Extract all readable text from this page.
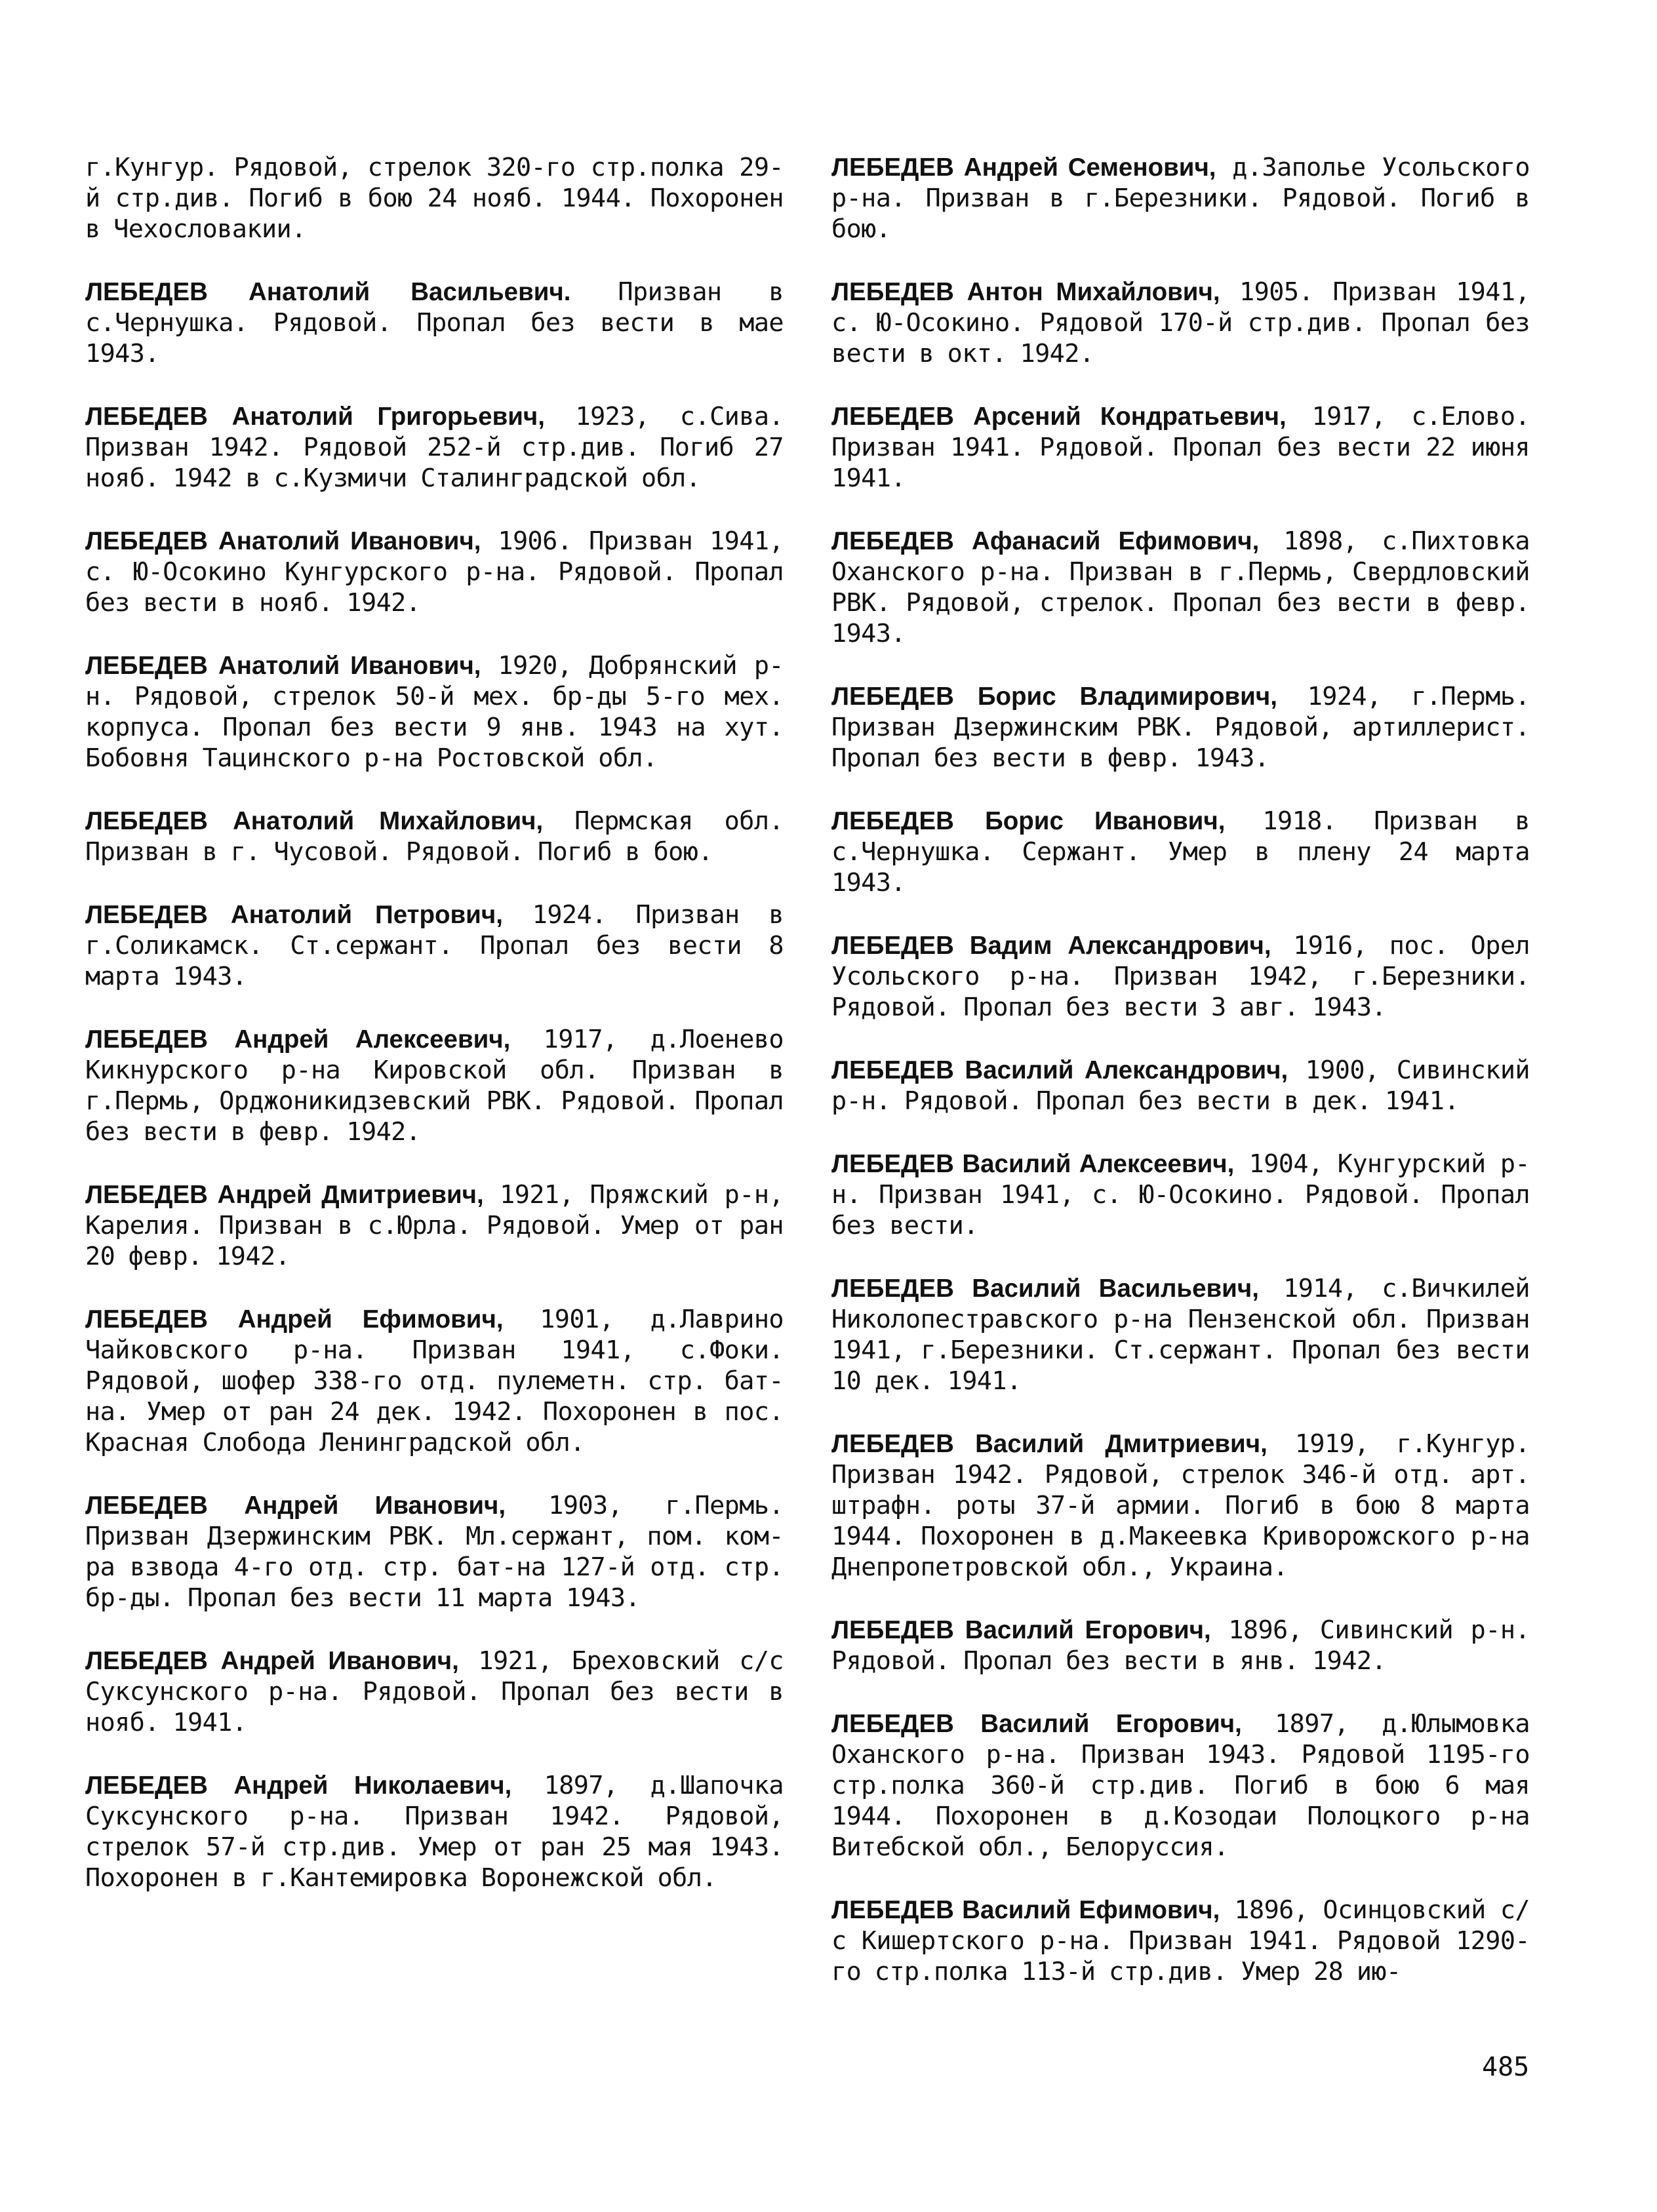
г.Кунгур. Рядовой, стрелок 320-го стр.полка 29-й стр.див. Погиб в бою 24 нояб. 1944. Похоронен в Чехословакии.

ЛЕБЕДЕВ Анатолий Васильевич. Призван в с.Чернушка. Рядовой. Пропал без вести в мае 1943.

ЛЕБЕДЕВ Анатолий Григорьевич, 1923, с.Сива. Призван 1942. Рядовой 252-й стр.див. Погиб 27 нояб. 1942 в с.Кузмичи Сталинградской обл.

ЛЕБЕДЕВ Анатолий Иванович, 1906. Призван 1941, с. Ю-Осокино Кунгурского р-на. Рядовой. Пропал без вести в нояб. 1942.

ЛЕБЕДЕВ Анатолий Иванович, 1920, Добрянский р-н. Рядовой, стрелок 50-й мех. бр-ды 5-го мех. корпуса. Пропал без вести 9 янв. 1943 на хут. Бобовня Тацинского р-на Ростовской обл.

ЛЕБЕДЕВ Анатолий Михайлович, Пермская обл. Призван в г. Чусовой. Рядовой. Погиб в бою.

ЛЕБЕДЕВ Анатолий Петрович, 1924. Призван в г.Соликамск. Ст.сержант. Пропал без вести 8 марта 1943.

ЛЕБЕДЕВ Андрей Алексеевич, 1917, д.Лоенево Кикнурского р-на Кировской обл. Призван в г.Пермь, Орджоникидзевский РВК. Рядовой. Пропал без вести в февр. 1942.

ЛЕБЕДЕВ Андрей Дмитриевич, 1921, Пряжский р-н, Карелия. Призван в с.Юрла. Рядовой. Умер от ран 20 февр. 1942.

ЛЕБЕДЕВ Андрей Ефимович, 1901, д.Лаврино Чайковского р-на. Призван 1941, с.Фоки. Рядовой, шофер 338-го отд. пулеметн. стр. бат-на. Умер от ран 24 дек. 1942. Похоронен в пос. Красная Слобода Ленинградской обл.

ЛЕБЕДЕВ Андрей Иванович, 1903, г.Пермь. Призван Дзержинским РВК. Мл.сержант, пом. ком-ра взвода 4-го отд. стр. бат-на 127-й отд. стр. бр-ды. Пропал без вести 11 марта 1943.

ЛЕБЕДЕВ Андрей Иванович, 1921, Бреховский с/с Суксунского р-на. Рядовой. Пропал без вести в нояб. 1941.

ЛЕБЕДЕВ Андрей Николаевич, 1897, д.Шапочка Суксунского р-на. Призван 1942. Рядовой, стрелок 57-й стр.див. Умер от ран 25 мая 1943. Похоронен в г.Кантемировка Воронежской обл.

ЛЕБЕДЕВ Андрей Семенович, д.Заполье Усольского р-на. Призван в г.Березники. Рядовой. Погиб в бою.

ЛЕБЕДЕВ Антон Михайлович, 1905. Призван 1941, с. Ю-Осокино. Рядовой 170-й стр.див. Пропал без вести в окт. 1942.

ЛЕБЕДЕВ Арсений Кондратьевич, 1917, с.Елово. Призван 1941. Рядовой. Пропал без вести 22 июня 1941.

ЛЕБЕДЕВ Афанасий Ефимович, 1898, с.Пихтовка Оханского р-на. Призван в г.Пермь, Свердловский РВК. Рядовой, стрелок. Пропал без вести в февр. 1943.

ЛЕБЕДЕВ Борис Владимирович, 1924, г.Пермь. Призван Дзержинским РВК. Рядовой, артиллерист. Пропал без вести в февр. 1943.

ЛЕБЕДЕВ Борис Иванович, 1918. Призван в с.Чернушка. Сержант. Умер в плену 24 марта 1943.

ЛЕБЕДЕВ Вадим Александрович, 1916, пос. Орел Усольского р-на. Призван 1942, г.Березники. Рядовой. Пропал без вести 3 авг. 1943.

ЛЕБЕДЕВ Василий Александрович, 1900, Сивинский р-н. Рядовой. Пропал без вести в дек. 1941.

ЛЕБЕДЕВ Василий Алексеевич, 1904, Кунгурский р-н. Призван 1941, с. Ю-Осокино. Рядовой. Пропал без вести.

ЛЕБЕДЕВ Василий Васильевич, 1914, с.Вичкилей Николопестравского р-на Пензенской обл. Призван 1941, г.Березники. Ст.сержант. Пропал без вести 10 дек. 1941.

ЛЕБЕДЕВ Василий Дмитриевич, 1919, г.Кунгур. Призван 1942. Рядовой, стрелок 346-й отд. арт. штрафн. роты 37-й армии. Погиб в бою 8 марта 1944. Похоронен в д.Макеевка Криворожского р-на Днепропетровской обл., Украина.

ЛЕБЕДЕВ Василий Егорович, 1896, Сивинский р-н. Рядовой. Пропал без вести в янв. 1942.

ЛЕБЕДЕВ Василий Егорович, 1897, д.Юлымовка Оханского р-на. Призван 1943. Рядовой 1195-го стр.полка 360-й стр.див. Погиб в бою 6 мая 1944. Похоронен в д.Козодаи Полоцкого р-на Витебской обл., Белоруссия.

ЛЕБЕДЕВ Василий Ефимович, 1896, Осинцовский с/с Кишертского р-на. Призван 1941. Рядовой 1290-го стр.полка 113-й стр.див. Умер 28 ию-

485
